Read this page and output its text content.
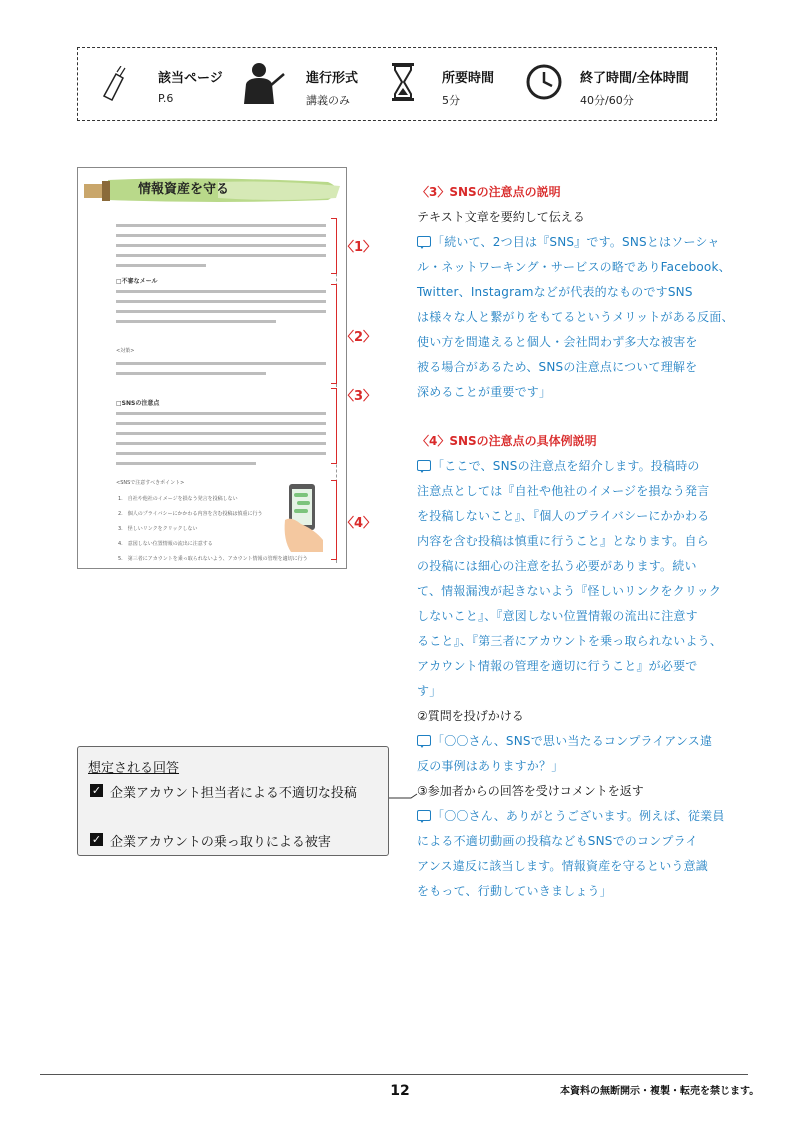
該当ページ
P.6
進行形式
講義のみ
所要時間
5分
終了時間/全体時間
40分/60分
情報資産を守る
□不審なメール
<対策>
□SNSの注意点
<SNSで注意すべきポイント>
1.　自社や他社のイメージを損なう発言を投稿しない
2.　個人のプライバシーにかかわる内容を含む投稿は慎重に行う
3.　怪しいリンクをクリックしない
4.　意図しない位置情報の流出に注意する
5.　第三者にアカウントを乗っ取られないよう、アカウント情報の管理を適切に行う
〈1〉
〈2〉
〈3〉
〈4〉
〈3〉SNSの注意点の説明
テキスト文章を要約して伝える
「続いて、2つ目は『SNS』です。SNSとはソーシャ
ル・ネットワーキング・サービスの略でありFacebook、
Twitter、Instagramなどが代表的なものですSNS
は様々な人と繋がりをもてるというメリットがある反面、
使い方を間違えると個人・会社問わず多大な被害を
被る場合があるため、SNSの注意点について理解を
深めることが重要です」
〈4〉SNSの注意点の具体例説明
「ここで、SNSの注意点を紹介します。投稿時の
注意点としては『自社や他社のイメージを損なう発言
を投稿しないこと』、『個人のプライバシーにかかわる
内容を含む投稿は慎重に行うこと』となります。自ら
の投稿には細心の注意を払う必要があります。続い
て、情報漏洩が起きないよう『怪しいリンクをクリック
しないこと』、『意図しない位置情報の流出に注意す
ること』、『第三者にアカウントを乗っ取られないよう、
アカウント情報の管理を適切に行うこと』が必要で
す」
②質問を投げかける
「〇〇さん、SNSで思い当たるコンプライアンス違
反の事例はありますか？」
③参加者からの回答を受けコメントを返す
「〇〇さん、ありがとうございます。例えば、従業員
による不適切動画の投稿などもSNSでのコンプライ
アンス違反に該当します。情報資産を守るという意識
をもって、行動していきましょう」
想定される回答
✓ 企業アカウント担当者による不適切な投稿
✓ 企業アカウントの乗っ取りによる被害
12	本資料の無断開示・複製・転売を禁じます。
